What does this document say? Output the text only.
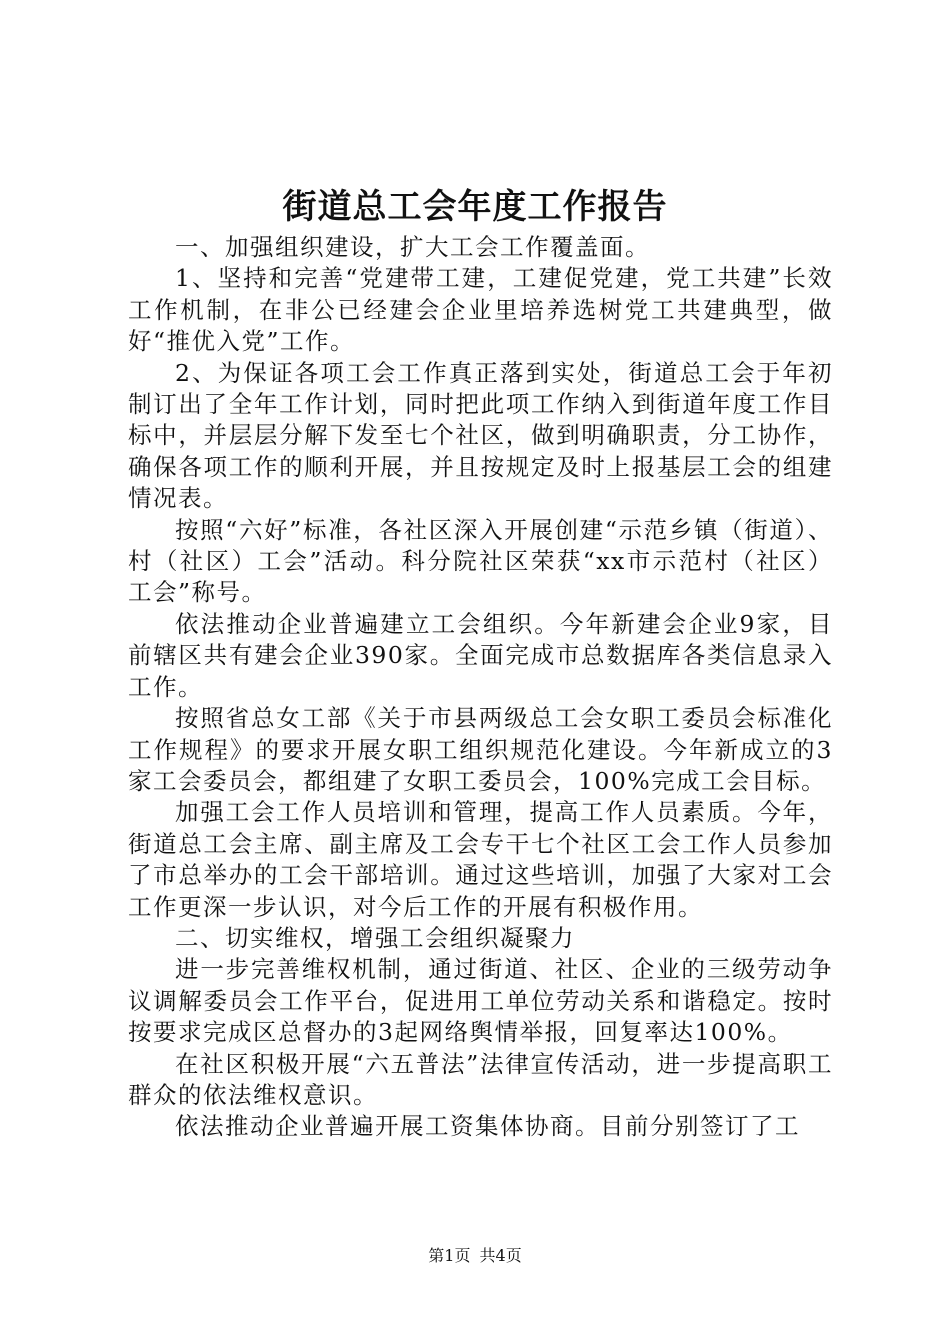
街道总工会年度工作报告

一、加强组织建设，扩大工会工作覆盖面。

1、坚持和完善“党建带工建，工建促党建，党工共建”长效工作机制，在非公已经建会企业里培养选树党工共建典型，做好“推优入党”工作。

2、为保证各项工会工作真正落到实处，街道总工会于年初制订出了全年工作计划，同时把此项工作纳入到街道年度工作目标中，并层层分解下发至七个社区，做到明确职责，分工协作，确保各项工作的顺利开展，并且按规定及时上报基层工会的组建情况表。

按照“六好”标准，各社区深入开展创建“示范乡镇（街道）、村（社区）工会”活动。科分院社区荣获“xx市示范村（社区）工会”称号。

依法推动企业普遍建立工会组织。今年新建会企业9家，目前辖区共有建会企业390家。全面完成市总数据库各类信息录入工作。

按照省总女工部《关于市县两级总工会女职工委员会标准化工作规程》的要求开展女职工组织规范化建设。今年新成立的3家工会委员会，都组建了女职工委员会，100%完成工会目标。

加强工会工作人员培训和管理，提高工作人员素质。今年，街道总工会主席、副主席及工会专干七个社区工会工作人员参加了市总举办的工会干部培训。通过这些培训，加强了大家对工会工作更深一步认识，对今后工作的开展有积极作用。

二、切实维权，增强工会组织凝聚力

进一步完善维权机制，通过街道、社区、企业的三级劳动争议调解委员会工作平台，促进用工单位劳动关系和谐稳定。按时按要求完成区总督办的3起网络舆情举报，回复率达100%。

在社区积极开展“六五普法”法律宣传活动，进一步提高职工群众的依法维权意识。

依法推动企业普遍开展工资集体协商。目前分别签订了工

第1页 共4页
